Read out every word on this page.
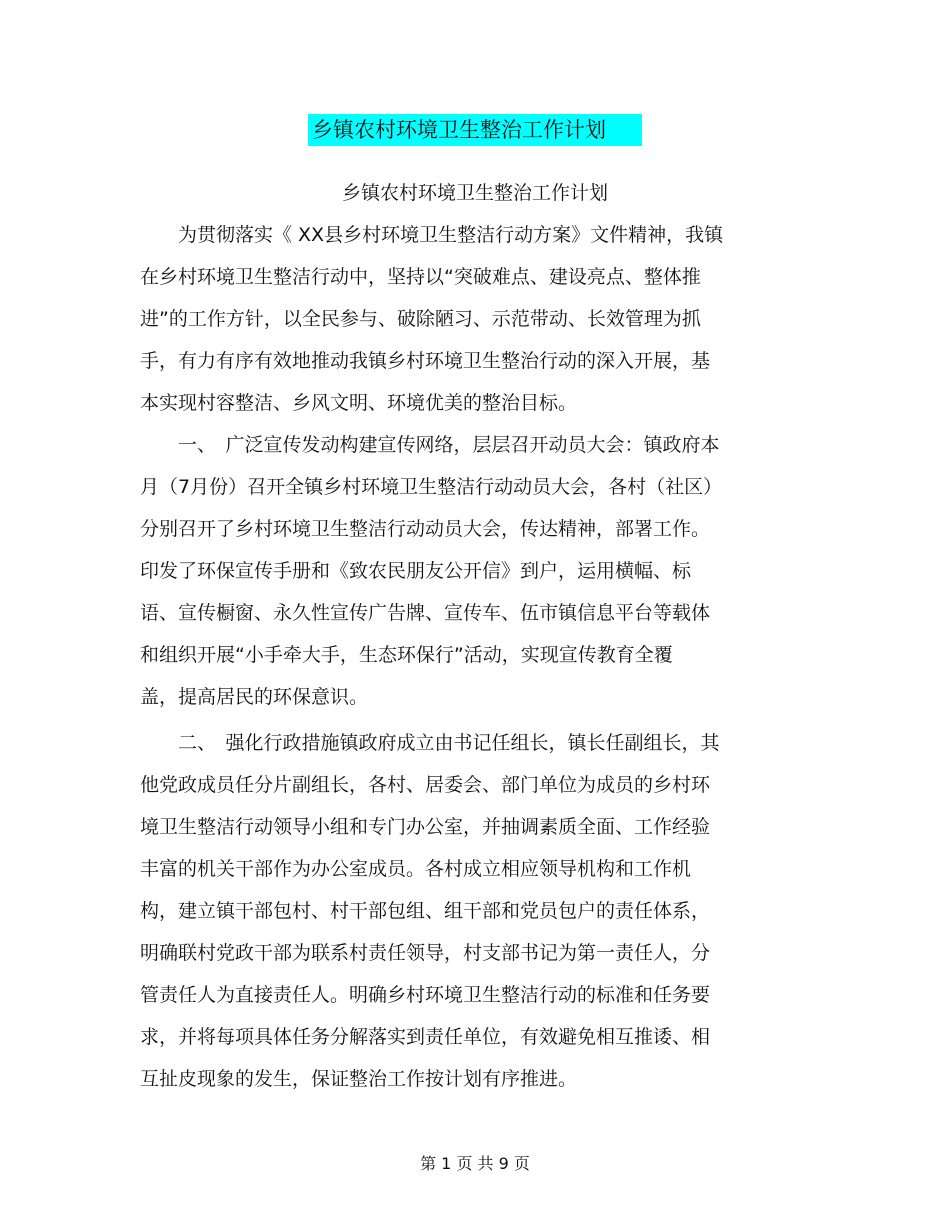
乡镇农村环境卫生整治工作计划
乡镇农村环境卫生整治工作计划
　　为贯彻落实《 XX县乡村环境卫生整洁行动方案》文件精神，我镇
在乡村环境卫生整洁行动中，坚持以“突破难点、建设亮点、整体推
进”的工作方针，以全民参与、破除陋习、示范带动、长效管理为抓
手，有力有序有效地推动我镇乡村环境卫生整治行动的深入开展，基
本实现村容整洁、乡风文明、环境优美的整治目标。
　　一、　广泛宣传发动构建宣传网络，层层召开动员大会：镇政府本
月（7月份）召开全镇乡村环境卫生整洁行动动员大会，各村（社区）
分别召开了乡村环境卫生整洁行动动员大会，传达精神，部署工作。
印发了环保宣传手册和《致农民朋友公开信》到户，运用横幅、标
语、宣传橱窗、永久性宣传广告牌、宣传车、伍市镇信息平台等载体
和组织开展“小手牵大手，生态环保行”活动，实现宣传教育全覆
盖，提高居民的环保意识。
　　二、　强化行政措施镇政府成立由书记任组长，镇长任副组长，其
他党政成员任分片副组长，各村、居委会、部门单位为成员的乡村环
境卫生整洁行动领导小组和专门办公室，并抽调素质全面、工作经验
丰富的机关干部作为办公室成员。各村成立相应领导机构和工作机
构，建立镇干部包村、村干部包组、组干部和党员包户的责任体系，
明确联村党政干部为联系村责任领导，村支部书记为第一责任人，分
管责任人为直接责任人。明确乡村环境卫生整洁行动的标准和任务要
求，并将每项具体任务分解落实到责任单位，有效避免相互推诿、相
互扯皮现象的发生，保证整治工作按计划有序推进。
第 1 页 共 9 页
